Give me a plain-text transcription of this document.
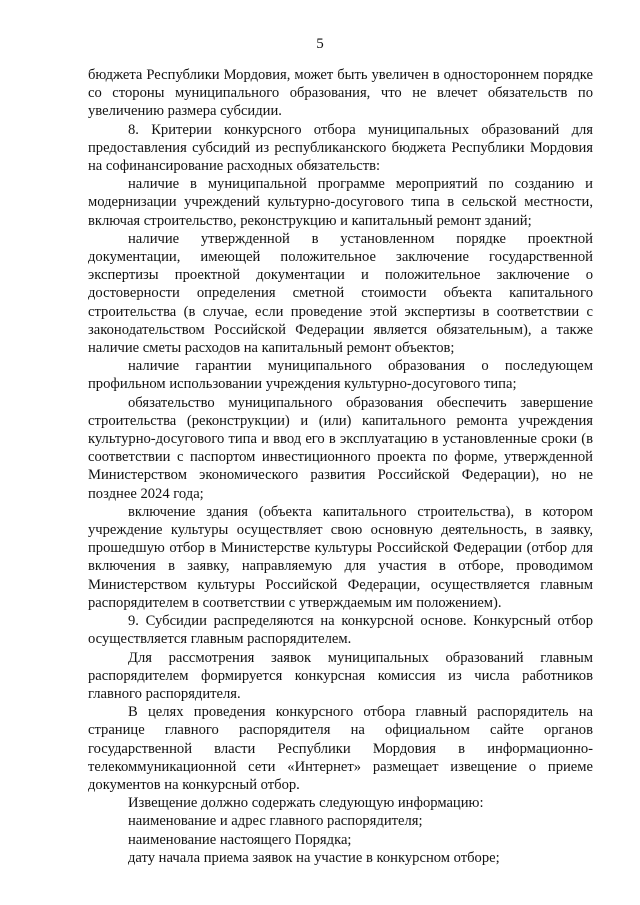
5

бюджета Республики Мордовия, может быть увеличен в одностороннем порядке со стороны муниципального образования, что не влечет обязательств по увеличению размера субсидии.

8. Критерии конкурсного отбора муниципальных образований для предоставления субсидий из республиканского бюджета Республики Мордовия на софинансирование расходных обязательств:

наличие в муниципальной программе мероприятий по созданию и модернизации учреждений культурно-досугового типа в сельской местности, включая строительство, реконструкцию и капитальный ремонт зданий;

наличие утвержденной в установленном порядке проектной документации, имеющей положительное заключение государственной экспертизы проектной документации и положительное заключение о достоверности определения сметной стоимости объекта капитального строительства (в случае, если проведение этой экспертизы в соответствии с законодательством Российской Федерации является обязательным), а также наличие сметы расходов на капитальный ремонт объектов;

наличие гарантии муниципального образования о последующем профильном использовании учреждения культурно-досугового типа;

обязательство муниципального образования обеспечить завершение строительства (реконструкции) и (или) капитального ремонта учреждения культурно-досугового типа и ввод его в эксплуатацию в установленные сроки (в соответствии с паспортом инвестиционного проекта по форме, утвержденной Министерством экономического развития Российской Федерации), но не позднее 2024 года;

включение здания (объекта капитального строительства), в котором учреждение культуры осуществляет свою основную деятельность, в заявку, прошедшую отбор в Министерстве культуры Российской Федерации (отбор для включения в заявку, направляемую для участия в отборе, проводимом Министерством культуры Российской Федерации, осуществляется главным распорядителем в соответствии с утверждаемым им положением).

9. Субсидии распределяются на конкурсной основе. Конкурсный отбор осуществляется главным распорядителем.

Для рассмотрения заявок муниципальных образований главным распорядителем формируется конкурсная комиссия из числа работников главного распорядителя.

В целях проведения конкурсного отбора главный распорядитель на странице главного распорядителя на официальном сайте органов государственной власти Республики Мордовия в информационно-телекоммуникационной сети «Интернет» размещает извещение о приеме документов на конкурсный отбор.

Извещение должно содержать следующую информацию:

наименование и адрес главного распорядителя;

наименование настоящего Порядка;

дату начала приема заявок на участие в конкурсном отборе;
